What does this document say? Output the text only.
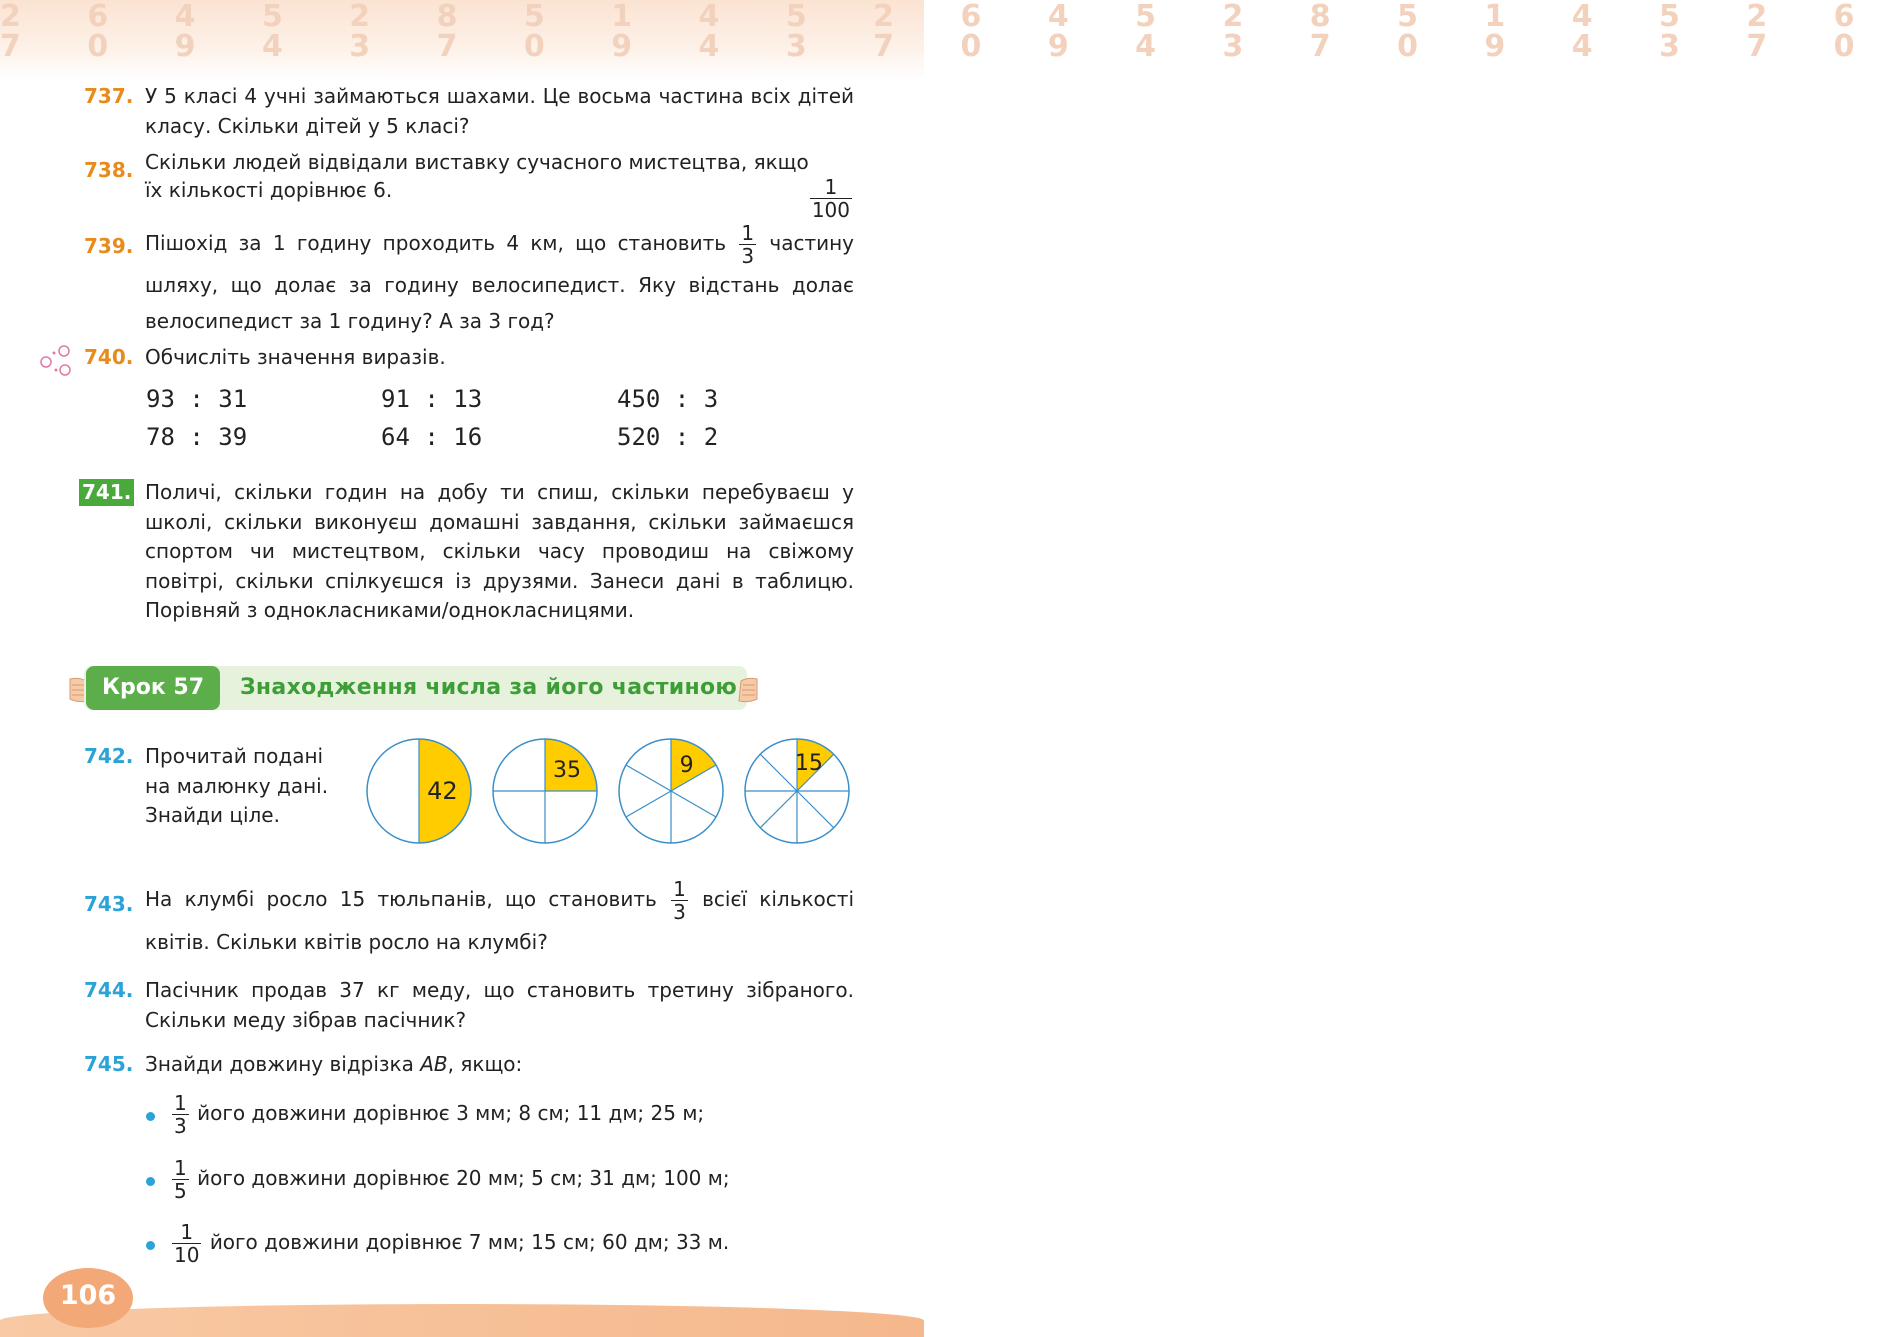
2 6 4 5 2 8 5 1 4 5 2 6 4 5 2 8 5 1 4 5 2 6
7 0 9 4 3 7 0 9 4 3 7 0 9 4 3 7 0 9 4 3 7 0
737. У 5 класі 4 учні займаються шахами. Це восьма частина всіх дітей класу. Скільки дітей у 5 класі?
738. Скільки людей відвідали виставку сучасного мистецтва, якщо
$\frac{1}{100}$

їх кількості дорівнює 6.
739. Пішохід за 1 годину проходить 4 км, що становить $\frac{1}{3}$ частину шляху, що долає за годину велосипедист. Яку відстань долає велосипедист за 1 годину? А за 3 год?
740. Обчисліть значення виразів.
93 : 31	91 : 13	450 : 3
78 : 39	64 : 16	520 : 2
741. Поличі, скільки годин на добу ти спиш, скільки перебуваєш у школі, скільки виконуєш домашні завдання, скільки займаєшся спортом чи мистецтвом, скільки часу проводиш на свіжому повітрі, скільки спілкуєшся із друзями. Занеси дані в таблицю. Порівняй з однокласниками/однокласницями.
Крок 57	Знаходження числа за його частиною
742. Прочитай подані
на малюнку дані.
Знайди ціле.
42
35	9	15
743. На клумбі росло 15 тюльпанів, що становить $\frac{1}{3}$ всієї кількості квітів. Скільки квітів росло на клумбі?
744. Пасічник продав 37 кг меду, що становить третину зібраного. Скільки меду зібрав пасічник?
745. Знайди довжину відрізка AB, якщо:
$\frac{1}{3}$ його довжини дорівнює 3 мм; 8 см; 11 дм; 25 м;
$\frac{1}{5}$ його довжини дорівнює 20 мм; 5 см; 31 дм; 100 м;
$\frac{1}{10}$ його довжини дорівнює 7 мм; 15 см; 60 дм; 33 м.
106
